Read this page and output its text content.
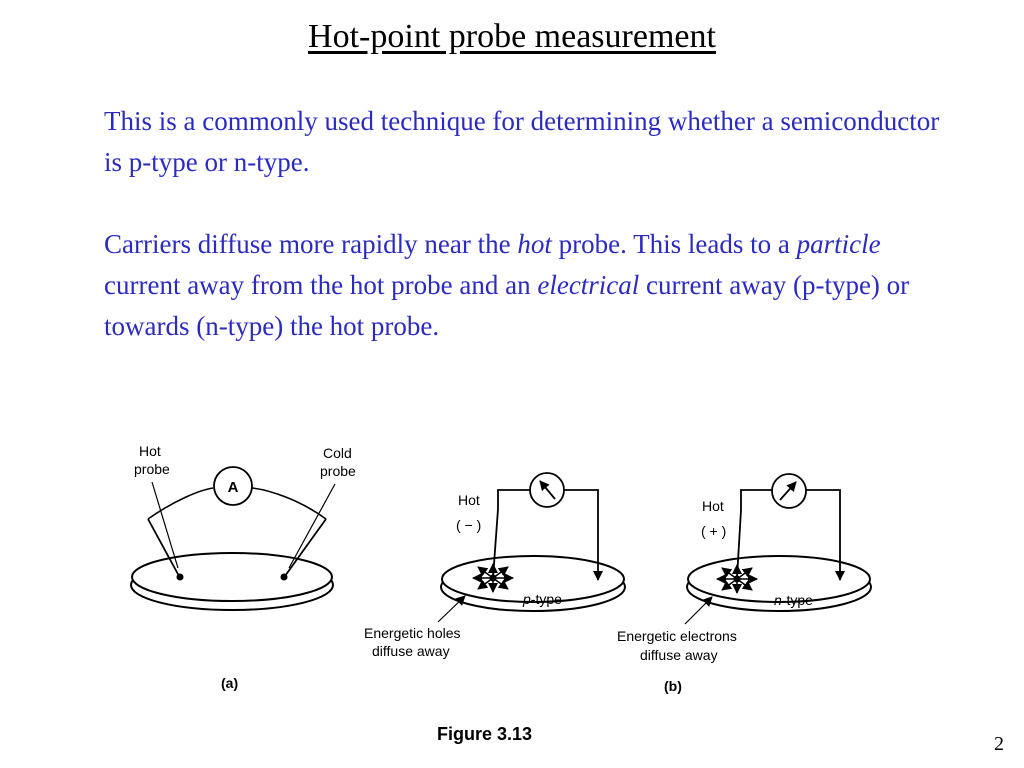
Hot-point probe measurement
This is a commonly used technique for determining whether a semiconductor is p-type or n-type.
Carriers diffuse more rapidly near the hot probe. This leads to a particle current away from the hot probe and an electrical current away (p-type) or towards (n-type) the hot probe.
A
Hot
probe
Cold
probe
(a)
Hot
( − )
p-type
Energetic holes
diffuse away
Hot
( + )
n-type
Energetic electrons
diffuse away
(b)
Figure 3.13	2
